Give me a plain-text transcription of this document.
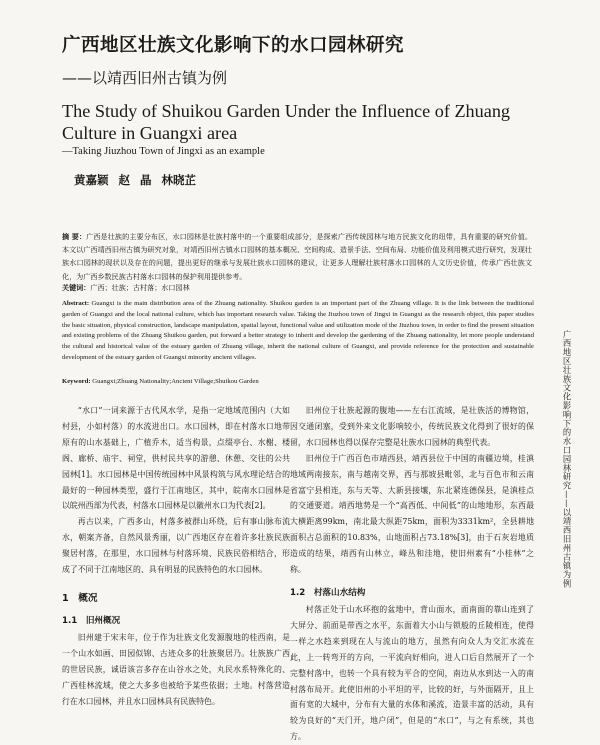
广西地区壮族文化影响下的水口园林研究
——以靖西旧州古镇为例
The Study of Shuikou Garden Under the Influence of Zhuang Culture in Guangxi area
—Taking Jiuzhou Town of Jingxi as an example
黄嘉颖 赵 晶 林晓芷
摘 要：广西是壮族的主要分布区，水口园林是壮族村落中的一个重要组成部分，是探索广西传统园林与地方民族文化的纽带，具有重要的研究价值。本文以广西靖西旧州古镇为研究对象，对靖西旧州古镇水口园林的基本概况、空间构成、造景手法、空间布局、功能价值及利用模式进行研究，发现壮族水口园林的现状以及存在的问题，提出更好的继承与发展壮族水口园林的建议，让更多人理解壮族村落水口园林的人文历史价值，传承广西壮族文化，为广西乡数民族古村落水口园林的保护利用提供参考。
关键词：广西；壮族；古村落；水口园林
Abstract: Guangxi is the main distribution area of the Zhuang nationality. Shuikou garden is an important part of the Zhuang village. It is the link between the traditional garden of Guangxi and the local national culture, which has important research value. Taking the Jiuzhou town of Jingxi in Guangxi as the research object, this paper studies the basic situation, physical construction, landscape manipulation, spatial layout, functional value and utilization mode of the Jiuzhou town, in order to find the present situation and existing problems of the Zhuang Shuikou garden, put forward a better strategy to inherit and develop the gardening of the Zhuang nationality, let more people understand the cultural and historical value of the estuary garden of Zhuang village, inherit the national culture of Guangxi, and provide reference for the protection and sustainable development of the estuary garden of Guangxi minority ancient villages.
Keyword: Guangxi;Zhuang Nationality;Ancient Village;Shuikou Garden

“水口”一词来源于古代风水学，是指一定地域范围内（大如村县，小如村落）的水流进出口。水口园林，即在村落水口地带原有的山水基础上，广植乔木，适当构景，点缀亭台、水榭、楼阁、廊桥、庙宇、祠堂，供村民共享的游憩、休憩、交往的公共园林[1]。水口园林是中国传统园林中风景构筑与风水理论结合的最好的一种园林类型，盛行于江南地区，其中，皖南水口园林是以皖州西部为代表，村落水口园林是以徽州水口为代表[2]。

再古以来，广西多山，村落多被群山环绕，后有事山脉布流水，朝案齐备，自然风景秀丽，以广西地区存在着许多壮族民族聚居村落，在那里，水口园林与村落环境、民族民俗相结合，形成了不同于江南地区的、具有明显的民族特色的水口园林。

1　概况
1.1　旧州概况

旧州建于宋末年，位于作为壮族文化发源腹地的桂西南，是一个山水如画、田园似锦、古迹众多的壮族聚居乃。壮族族广西的世居民族，诚语该言多存在山谷水之处，丸民水系特殊化的、广西桂林流域，使之大多多也被给予某些依据；土地。村落营造行在水口园林，并且水口园林具有民族特色。

旧州位于壮族起源的腹地——左右江流域，是壮族活的博物馆，因交通闭塞，受到外来文化影响较小，传统民族文化得到了很好的保留，水口园林也得以保存完整是壮族水口园林的典型代表。

旧州位于广西百色市靖西县，靖西县位于中国的南疆边境，桂滇地域两南接东，南与越南交界，西与那坡县毗邻，北与百色市和云南省富宁县相连，东与天等、大新县接壤，东北紧连德保县，是滇桂点的交通要道。靖西地势是一个“高西低、中间低”的山地地形，东西最大横距离99km，南北最大纵距75km，面积为3331km²，全县耕地面积占总面积的10.83%，山地面积占73.18%[3]，由于石灰岩地质造成的结果，靖西有山林立，峰丛和洼地，使旧州素有“小桂林”之称。

1.2　村落山水结构

村落正处于山水环抱的盆地中，背山面水，面南面的靠山连到了大屏分、前面是带西之水平，东面着大小山与锁般的丘陵相连，使得一样之水趋来到现在人与流山的地方，虽然有向众人为交汇水流在此，上一转弯开的方向，一平流向好相向，进人口后自然展开了一个完整村落中，也转一个具有较为平合的空间，南边从水到达一入的南村落布局开。此使旧州的小平坦的平，比较的好，与外面隔开，且上面有宽的大城中，分布有大量的水体和溪流，造景丰富的活动，具有较为良好的“天门开，地户闭”，但是的“水口”，与之有系统，其也方。

广西地区壮族文化影响下的水口园林研究——以靖西旧州古镇为例
